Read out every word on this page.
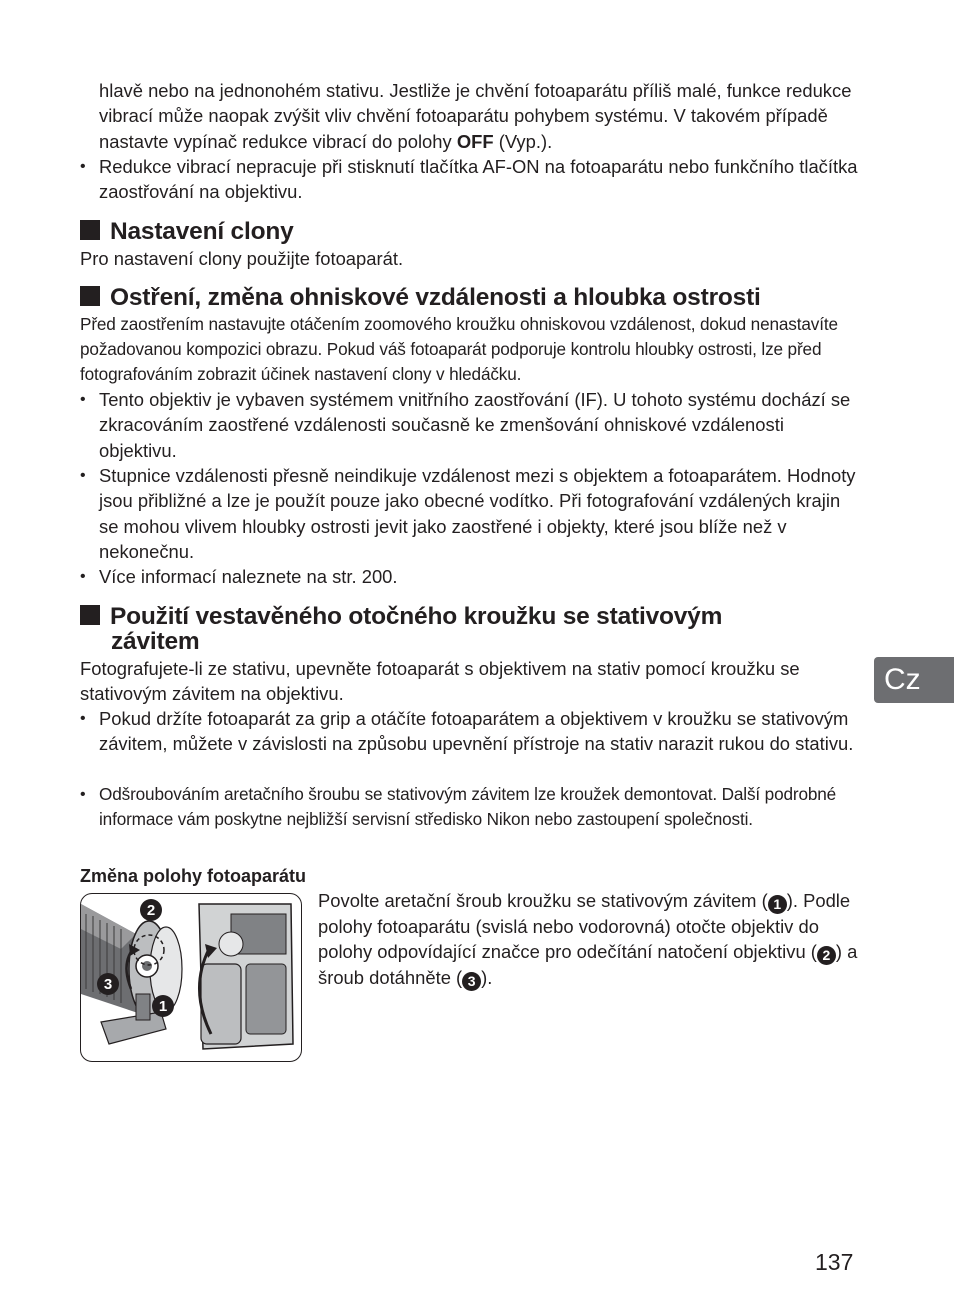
hlavě nebo na jednonohém stativu. Jestliže je chvění fotoaparátu příliš malé, funkce redukce vibrací může naopak zvýšit vliv chvění fotoaparátu pohybem systému. V takovém případě nastavte vypínač redukce vibrací do polohy OFF (Vyp.).

• Redukce vibrací nepracuje při stisknutí tlačítka AF-ON na fotoaparátu nebo funkčního tlačítka zaostřování na objektivu.

Nastavení clony

Pro nastavení clony použijte fotoaparát.

Ostření, změna ohniskové vzdálenosti a hloubka ostrosti

Před zaostřením nastavujte otáčením zoomového kroužku ohniskovou vzdálenost, dokud nenastavíte požadovanou kompozici obrazu. Pokud váš fotoaparát podporuje kontrolu hloubky ostrosti, lze před fotografováním zobrazit účinek nastavení clony v hledáčku.

• Tento objektiv je vybaven systémem vnitřního zaostřování (IF). U tohoto systému dochází se zkracováním zaostřené vzdálenosti současně ke zmenšování ohniskové vzdálenosti objektivu.

• Stupnice vzdálenosti přesně neindikuje vzdálenost mezi s objektem a fotoaparátem. Hodnoty jsou přibližné a lze je použít pouze jako obecné vodítko. Při fotografování vzdálených krajin se mohou vlivem hloubky ostrosti jevit jako zaostřené i objekty, které jsou blíže než v nekonečnu.

• Více informací naleznete na str. 200.

Použití vestavěného otočného kroužku se stativovým
závitem

Fotografujete-li ze stativu, upevněte fotoaparát s objektivem na stativ pomocí kroužku se stativovým závitem na objektivu.

• Pokud držíte fotoaparát za grip a otáčíte fotoaparátem a objektivem v kroužku se stativovým závitem, můžete v závislosti na způsobu upevnění přístroje na stativ narazit rukou do stativu.

• Odšroubováním aretačního šroubu se stativovým závitem lze kroužek demontovat. Další podrobné informace vám poskytne nejbližší servisní středisko Nikon nebo zastoupení společnosti.

Změna polohy fotoaparátu
2
3
1

Povolte aretační šroub kroužku se stativovým závitem ( 1 ). Podle polohy fotoaparátu (svislá nebo vodorovná) otočte objektiv do polohy odpovídající značce pro odečítání natočení objektivu ( 2 ) a šroub dotáhněte ( 3 ).

Cz
137
